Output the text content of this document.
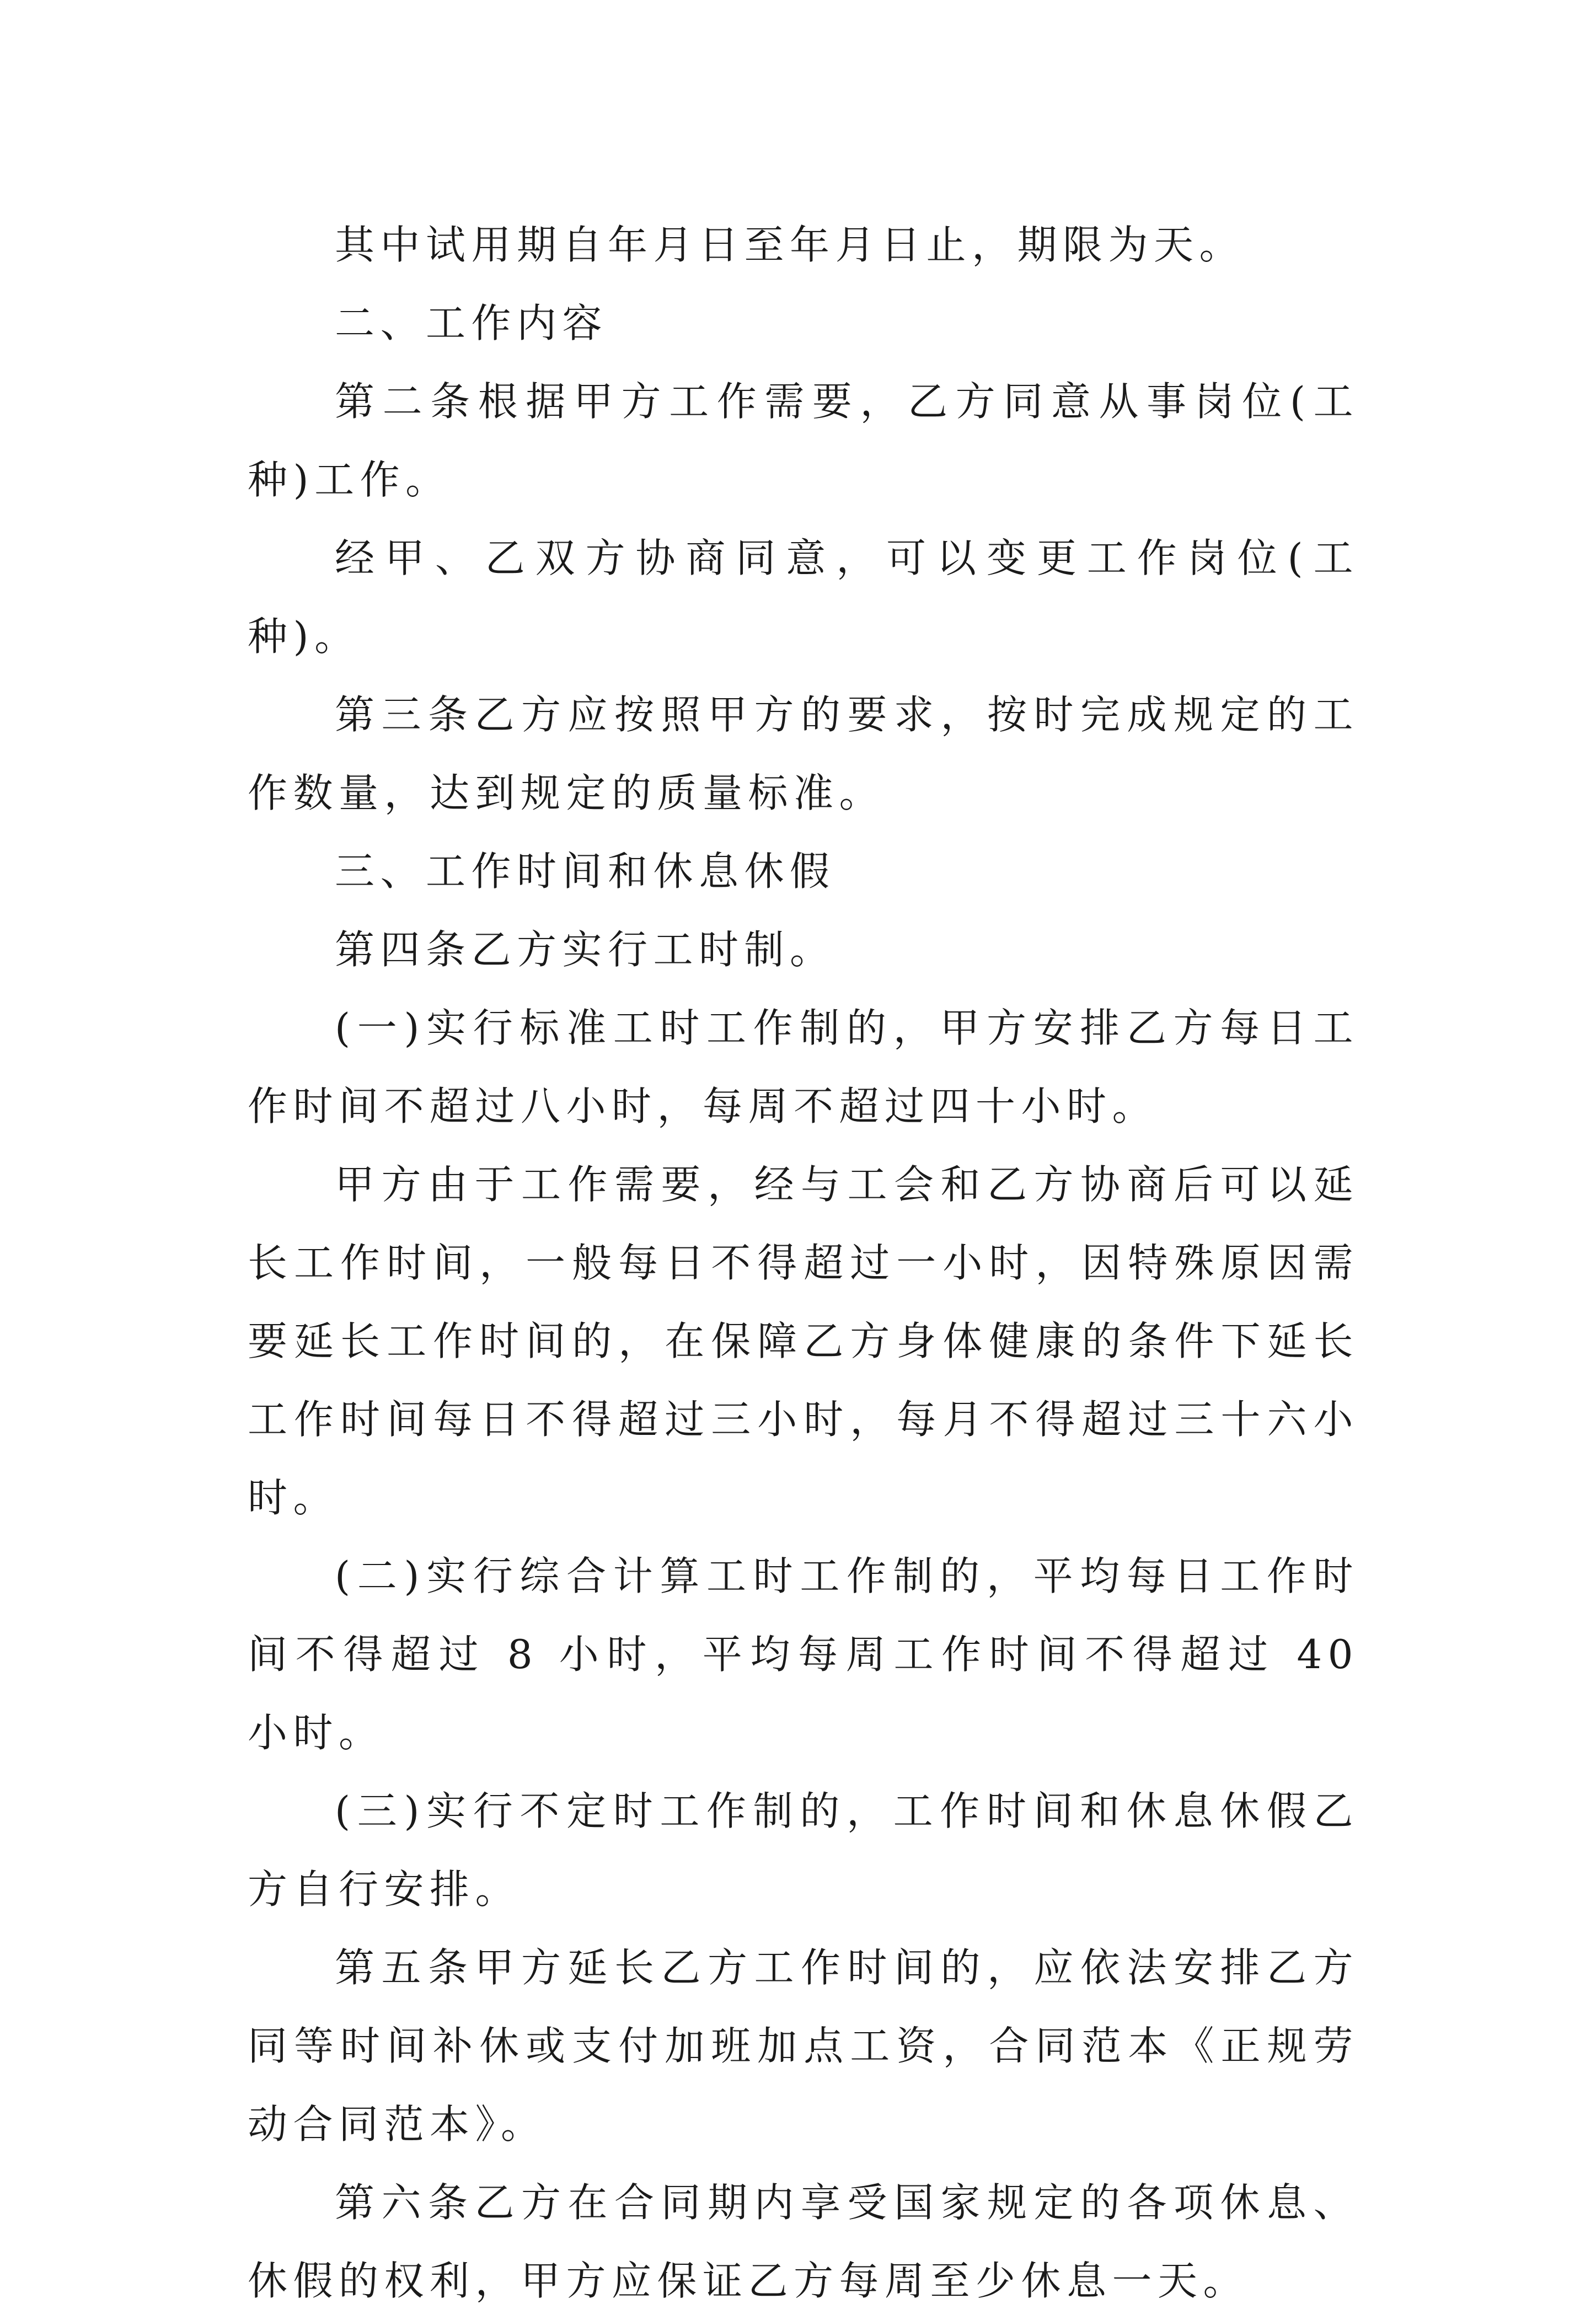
其中试用期自年月日至年月日止，期限为天。

二、工作内容

第二条根据甲方工作需要，乙方同意从事岗位(工种)工作。

经甲、乙双方协商同意，可以变更工作岗位(工种)。

第三条乙方应按照甲方的要求，按时完成规定的工作数量，达到规定的质量标准。

三、工作时间和休息休假

第四条乙方实行工时制。

(一)实行标准工时工作制的，甲方安排乙方每日工作时间不超过八小时，每周不超过四十小时。

甲方由于工作需要，经与工会和乙方协商后可以延长工作时间，一般每日不得超过一小时，因特殊原因需要延长工作时间的，在保障乙方身体健康的条件下延长工作时间每日不得超过三小时，每月不得超过三十六小时。

(二)实行综合计算工时工作制的，平均每日工作时间不得超过 8 小时，平均每周工作时间不得超过 40 小时。

(三)实行不定时工作制的，工作时间和休息休假乙方自行安排。

第五条甲方延长乙方工作时间的，应依法安排乙方同等时间补休或支付加班加点工资，合同范本《正规劳动合同范本》。

第六条乙方在合同期内享受国家规定的各项休息、休假的权利，甲方应保证乙方每周至少休息一天。
